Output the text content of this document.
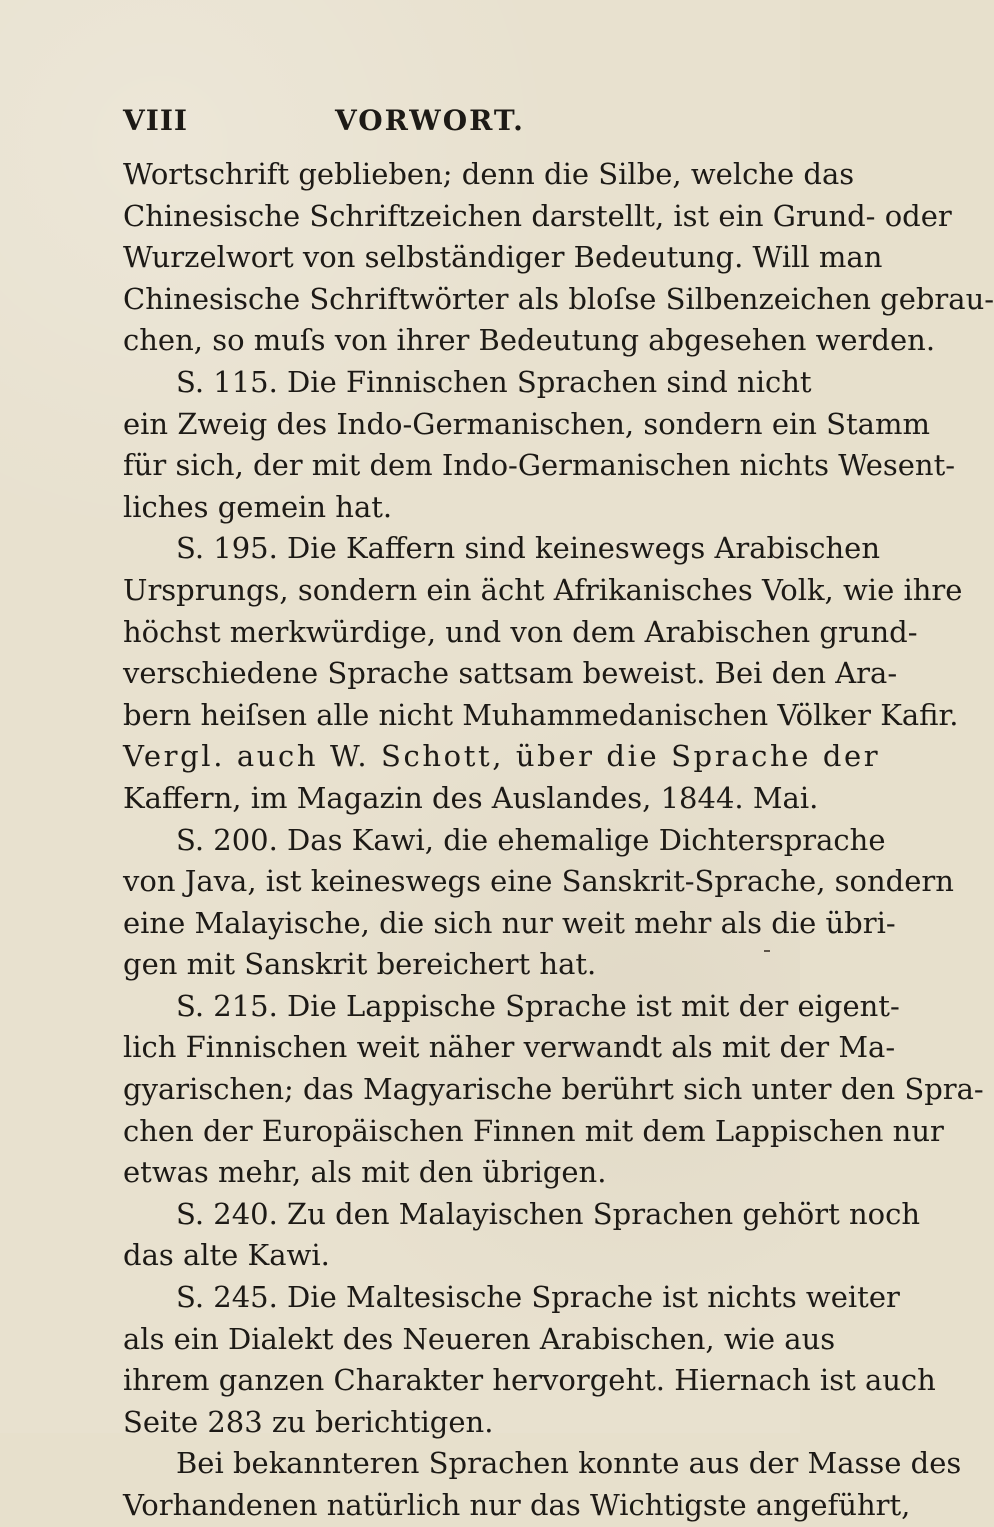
VIII	VORWORT.
Wortschrift geblieben; denn die Silbe, welche das
Chinesische Schriftzeichen darstellt, ist ein Grund- oder
Wurzelwort von selbständiger Bedeutung. Will man
Chinesische Schriftwörter als bloſse Silbenzeichen gebrau-
chen, so muſs von ihrer Bedeutung abgesehen werden.
S. 115. Die Finnischen Sprachen sind nicht
ein Zweig des Indo-Germanischen, sondern ein Stamm
für sich, der mit dem Indo-Germanischen nichts Wesent-
liches gemein hat.
S. 195. Die Kaffern sind keineswegs Arabischen
Ursprungs, sondern ein ächt Afrikanisches Volk, wie ihre
höchst merkwürdige, und von dem Arabischen grund-
verschiedene Sprache sattsam beweist. Bei den Ara-
bern heiſsen alle nicht Muhammedanischen Völker Kafir.
Vergl. auch W. Schott, über die Sprache der
Kaffern, im Magazin des Auslandes, 1844. Mai.
S. 200. Das Kawi, die ehemalige Dichtersprache
von Java, ist keineswegs eine Sanskrit-Sprache, sondern
eine Malayische, die sich nur weit mehr als die übri-
gen mit Sanskrit bereichert hat.
S. 215. Die Lappische Sprache ist mit der eigent-
lich Finnischen weit näher verwandt als mit der Ma-
gyarischen; das Magyarische berührt sich unter den Spra-
chen der Europäischen Finnen mit dem Lappischen nur
etwas mehr, als mit den übrigen.
S. 240. Zu den Malayischen Sprachen gehört noch
das alte Kawi.
S. 245. Die Maltesische Sprache ist nichts weiter
als ein Dialekt des Neueren Arabischen, wie aus
ihrem ganzen Charakter hervorgeht. Hiernach ist auch
Seite 283 zu berichtigen.
Bei bekannteren Sprachen konnte aus der Masse des
Vorhandenen natürlich nur das Wichtigste angeführt,
